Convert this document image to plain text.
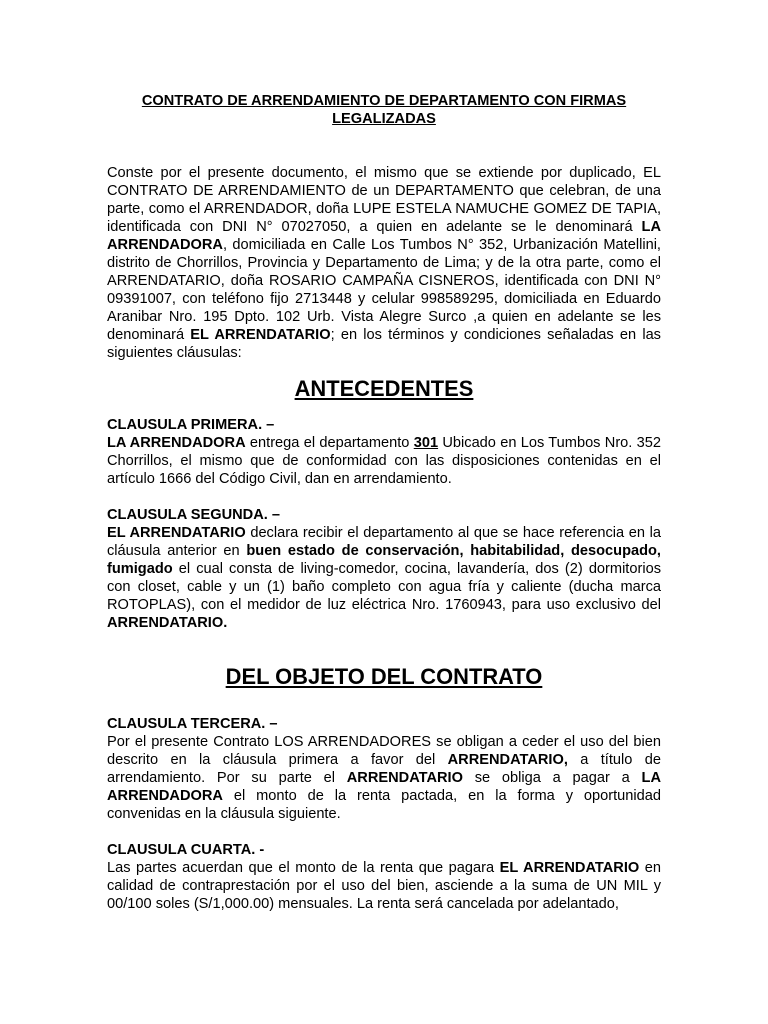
CONTRATO DE ARRENDAMIENTO DE DEPARTAMENTO CON FIRMAS LEGALIZADAS

Conste por el presente documento, el mismo que se extiende por duplicado, EL CONTRATO DE ARRENDAMIENTO de un DEPARTAMENTO que celebran, de una parte, como el ARRENDADOR, doña LUPE ESTELA NAMUCHE GOMEZ DE TAPIA, identificada con DNI N° 07027050, a quien en adelante se le denominará LA ARRENDADORA, domiciliada en Calle Los Tumbos N° 352, Urbanización Matellini, distrito de Chorrillos, Provincia y Departamento de Lima; y de la otra parte, como el ARRENDATARIO, doña ROSARIO CAMPAÑA CISNEROS, identificada con DNI N° 09391007, con teléfono fijo 2713448 y celular 998589295, domiciliada en Eduardo Aranibar Nro. 195 Dpto. 102 Urb. Vista Alegre Surco ,a quien en adelante se les denominará EL ARRENDATARIO; en los términos y condiciones señaladas en las siguientes cláusulas:

ANTECEDENTES

CLAUSULA PRIMERA. –

LA ARRENDADORA entrega el departamento 301 Ubicado en Los Tumbos Nro. 352 Chorrillos, el mismo que de conformidad con las disposiciones contenidas en el artículo 1666 del Código Civil, dan en arrendamiento.

CLAUSULA SEGUNDA. –

EL ARRENDATARIO declara recibir el departamento al que se hace referencia en la cláusula anterior en buen estado de conservación, habitabilidad, desocupado, fumigado el cual consta de living-comedor, cocina, lavandería, dos (2) dormitorios con closet, cable y un (1) baño completo con agua fría y caliente (ducha marca ROTOPLAS), con el medidor de luz eléctrica Nro. 1760943, para uso exclusivo del ARRENDATARIO.

DEL OBJETO DEL CONTRATO

CLAUSULA TERCERA. –

Por el presente Contrato LOS ARRENDADORES se obligan a ceder el uso del bien descrito en la cláusula primera a favor del ARRENDATARIO, a título de arrendamiento. Por su parte el ARRENDATARIO se obliga a pagar a LA ARRENDADORA el monto de la renta pactada, en la forma y oportunidad convenidas en la cláusula siguiente.

CLAUSULA CUARTA. -

Las partes acuerdan que el monto de la renta que pagara EL ARRENDATARIO en calidad de contraprestación por el uso del bien, asciende a la suma de UN MIL y 00/100 soles (S/1,000.00) mensuales. La renta será cancelada por adelantado,
